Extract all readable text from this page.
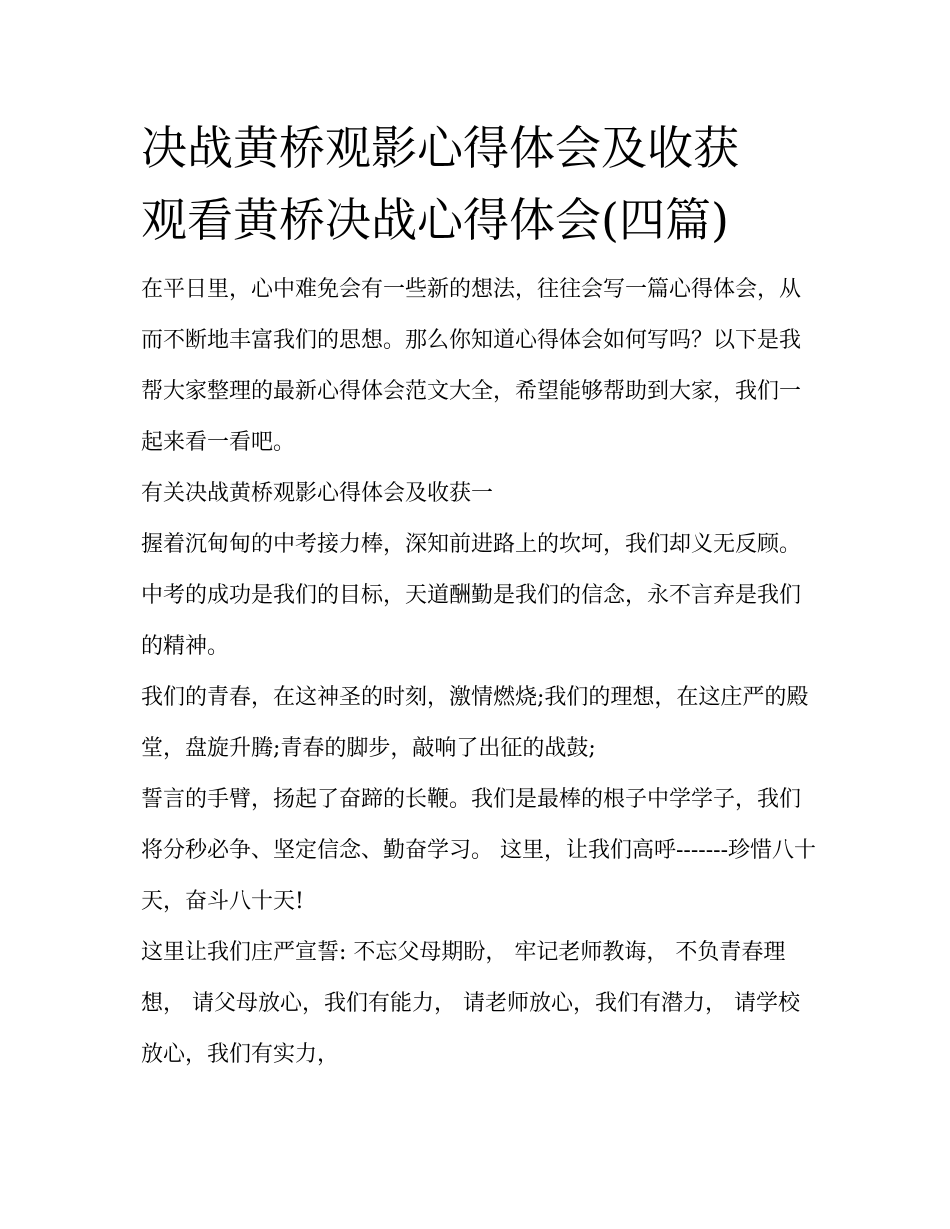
决战黄桥观影心得体会及收获
观看黄桥决战心得体会(四篇)

在平日里，心中难免会有一些新的想法，往往会写一篇心得体会，从而不断地丰富我们的思想。那么你知道心得体会如何写吗？以下是我帮大家整理的最新心得体会范文大全，希望能够帮助到大家，我们一起来看一看吧。

有关决战黄桥观影心得体会及收获一

握着沉甸甸的中考接力棒，深知前进路上的坎坷，我们却义无反顾。中考的成功是我们的目标，天道酬勤是我们的信念，永不言弃是我们的精神。

我们的青春，在这神圣的时刻，激情燃烧;我们的理想，在这庄严的殿堂，盘旋升腾;青春的脚步，敲响了出征的战鼓;

誓言的手臂，扬起了奋蹄的长鞭。我们是最棒的根子中学学子，我们将分秒必争、坚定信念、勤奋学习。 这里，让我们高呼-------珍惜八十天，奋斗八十天!

这里让我们庄严宣誓: 不忘父母期盼， 牢记老师教诲， 不负青春理想， 请父母放心，我们有能力， 请老师放心，我们有潜力， 请学校放心，我们有实力，
